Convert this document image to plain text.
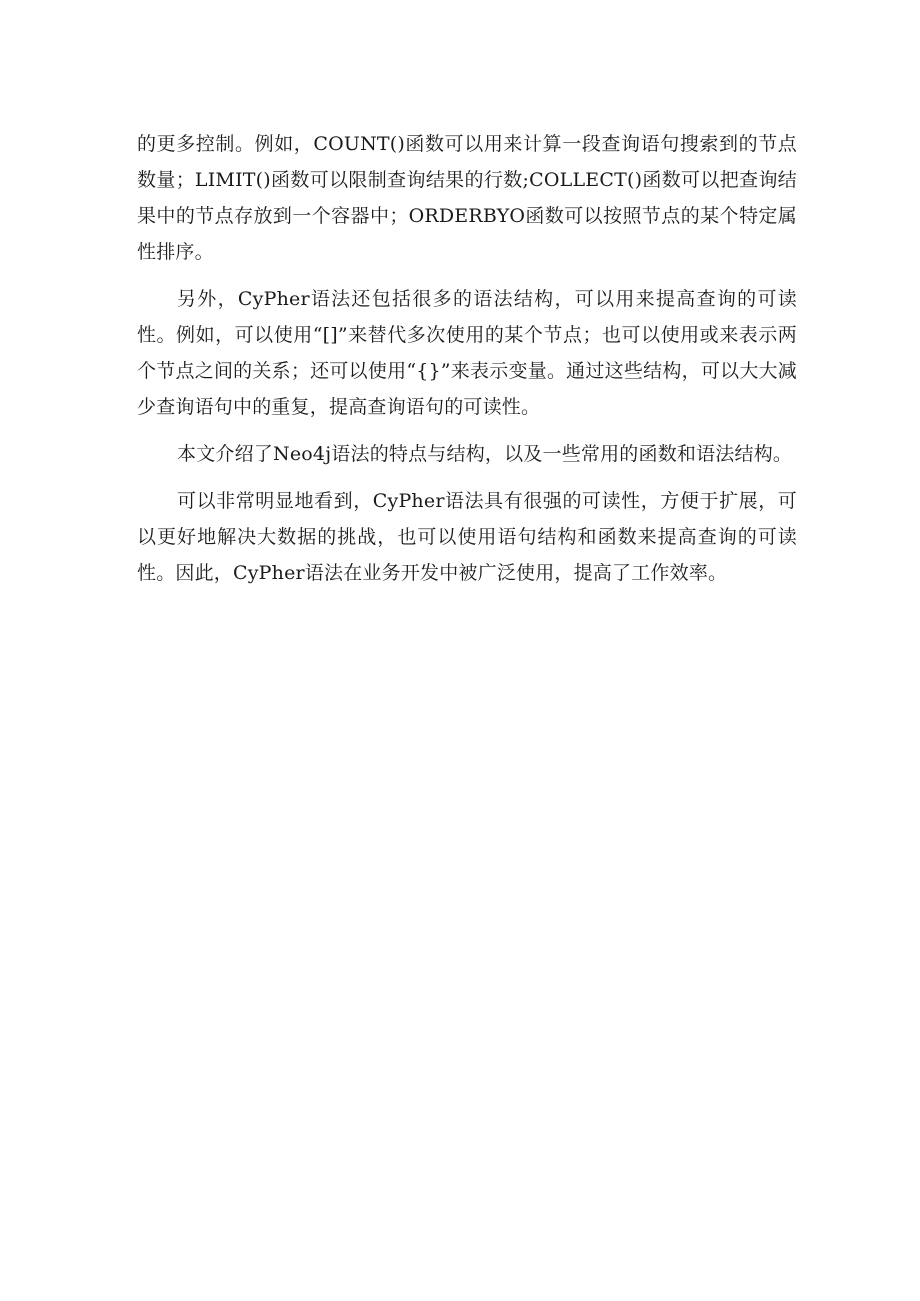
的更多控制。例如，COUNT()函数可以用来计算一段查询语句搜索到的节点数量；LIMIT()函数可以限制查询结果的行数;COLLECT()函数可以把查询结果中的节点存放到一个容器中；ORDERBYO函数可以按照节点的某个特定属性排序。

另外，CyPher语法还包括很多的语法结构，可以用来提高查询的可读性。例如，可以使用“[]”来替代多次使用的某个节点；也可以使用或来表示两个节点之间的关系；还可以使用“{}”来表示变量。通过这些结构，可以大大减少查询语句中的重复，提高查询语句的可读性。

本文介绍了Neo4j语法的特点与结构，以及一些常用的函数和语法结构。

可以非常明显地看到，CyPher语法具有很强的可读性，方便于扩展，可以更好地解决大数据的挑战，也可以使用语句结构和函数来提高查询的可读性。因此，CyPher语法在业务开发中被广泛使用，提高了工作效率。
